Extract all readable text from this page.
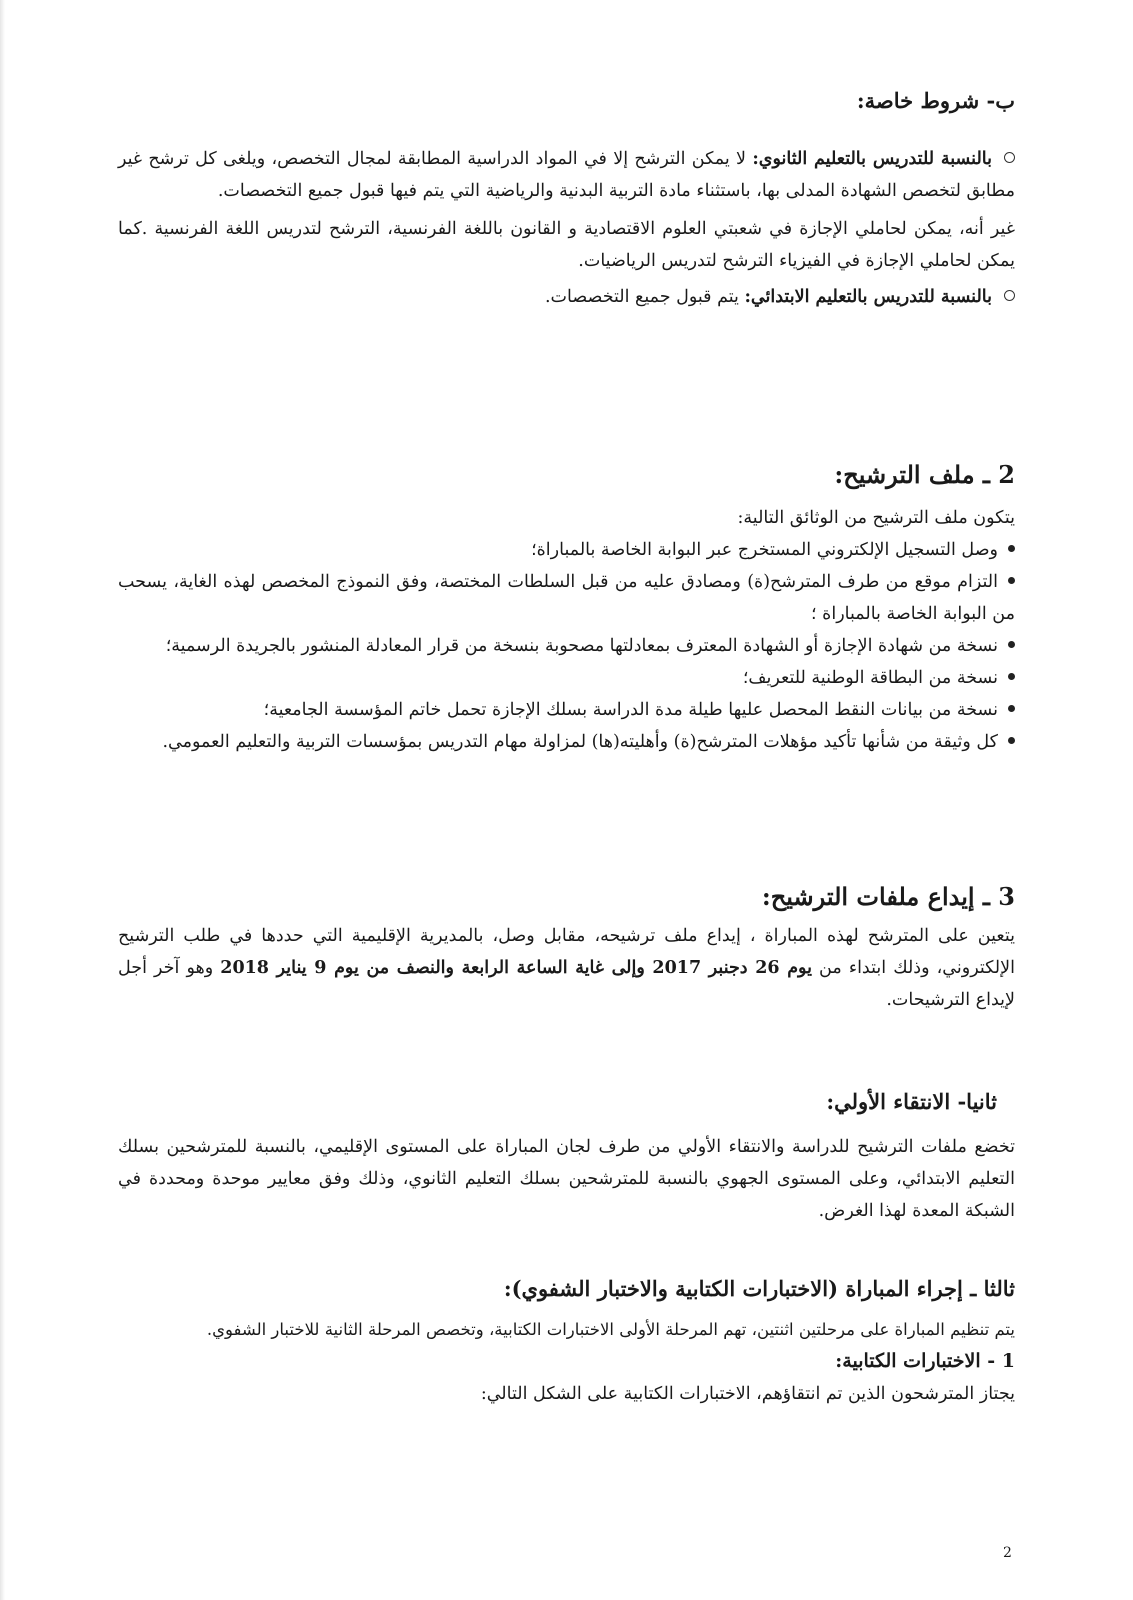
ب- شروط خاصة:

بالنسبة للتدريس بالتعليم الثانوي: لا يمكن الترشح إلا في المواد الدراسية المطابقة لمجال التخصص، ويلغى كل ترشح غير مطابق لتخصص الشهادة المدلى بها، باستثناء مادة التربية البدنية والرياضية التي يتم فيها قبول جميع التخصصات.

غير أنه، يمكن لحاملي الإجازة في شعبتي العلوم الاقتصادية و القانون باللغة الفرنسية، الترشح لتدريس اللغة الفرنسية .كما يمكن لحاملي الإجازة في الفيزياء الترشح لتدريس الرياضيات.

بالنسبة للتدريس بالتعليم الابتدائي: يتم قبول جميع التخصصات.

2 ـ ملف الترشيح:

يتكون ملف الترشيح من الوثائق التالية:

وصل التسجيل الإلكتروني المستخرج عبر البوابة الخاصة بالمباراة؛
التزام موقع من طرف المترشح(ة) ومصادق عليه من قبل السلطات المختصة، وفق النموذج المخصص لهذه الغاية، يسحب من البوابة الخاصة بالمباراة ؛
نسخة من شهادة الإجازة أو الشهادة المعترف بمعادلتها مصحوبة بنسخة من قرار المعادلة المنشور بالجريدة الرسمية؛
نسخة من البطاقة الوطنية للتعريف؛
نسخة من بيانات النقط المحصل عليها طيلة مدة الدراسة بسلك الإجازة تحمل خاتم المؤسسة الجامعية؛
كل وثيقة من شأنها تأكيد مؤهلات المترشح(ة) وأهليته(ها) لمزاولة مهام التدريس بمؤسسات التربية والتعليم العمومي.
3 ـ إيداع ملفات الترشيح:

يتعين على المترشح لهذه المباراة ، إيداع ملف ترشيحه، مقابل وصل، بالمديرية الإقليمية التي حددها في طلب الترشيح الإلكتروني، وذلك ابتداء من يوم 26 دجنبر 2017 وإلى غاية الساعة الرابعة والنصف من يوم 9 يناير 2018 وهو آخر أجل لإيداع الترشيحات.

ثانيا- الانتقاء الأولي:

تخضع ملفات الترشيح للدراسة والانتقاء الأولي من طرف لجان المباراة على المستوى الإقليمي، بالنسبة للمترشحين بسلك التعليم الابتدائي، وعلى المستوى الجهوي بالنسبة للمترشحين بسلك التعليم الثانوي، وذلك وفق معايير موحدة ومحددة في الشبكة المعدة لهذا الغرض.

ثالثا ـ إجراء المباراة (الاختبارات الكتابية والاختبار الشفوي):

يتم تنظيم المباراة على مرحلتين اثنتين، تهم المرحلة الأولى الاختبارات الكتابية، وتخصص المرحلة الثانية للاختبار الشفوي.

1 - الاختبارات الكتابية:

يجتاز المترشحون الذين تم انتقاؤهم، الاختبارات الكتابية على الشكل التالي:

2
